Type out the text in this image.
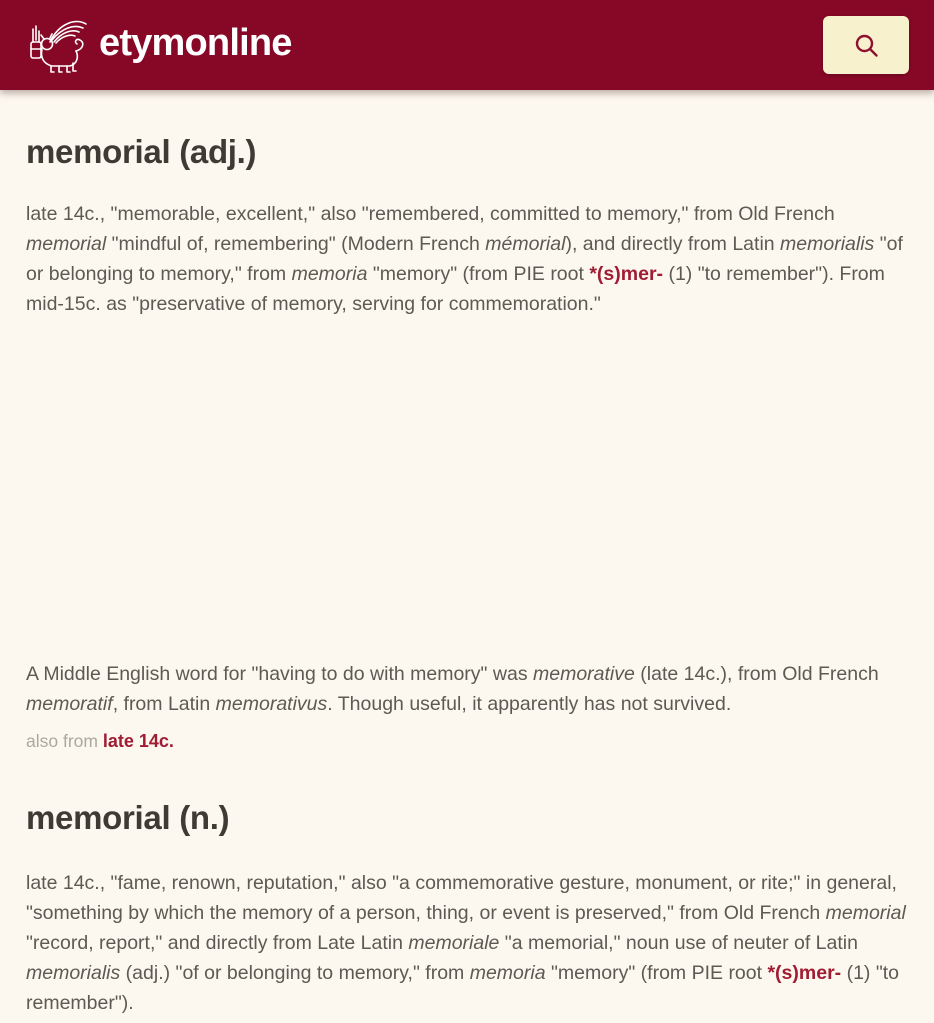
etymonline
memorial (adj.)

late 14c., "memorable, excellent," also "remembered, committed to memory," from Old French memorial "mindful of, remembering" (Modern French mémorial), and directly from Latin memorialis "of or belonging to memory," from memoria "memory" (from PIE root *(s)mer- (1) "to remember"). From mid-15c. as "preservative of memory, serving for commemoration."

A Middle English word for "having to do with memory" was memorative (late 14c.), from Old French memoratif, from Latin memorativus. Though useful, it apparently has not survived.

also from late 14c.

memorial (n.)

late 14c., "fame, renown, reputation," also "a commemorative gesture, monument, or rite;" in general, "something by which the memory of a person, thing, or event is preserved," from Old French memorial "record, report," and directly from Late Latin memoriale "a memorial," noun use of neuter of Latin memorialis (adj.) "of or belonging to memory," from memoria "memory" (from PIE root *(s)mer- (1) "to remember").
